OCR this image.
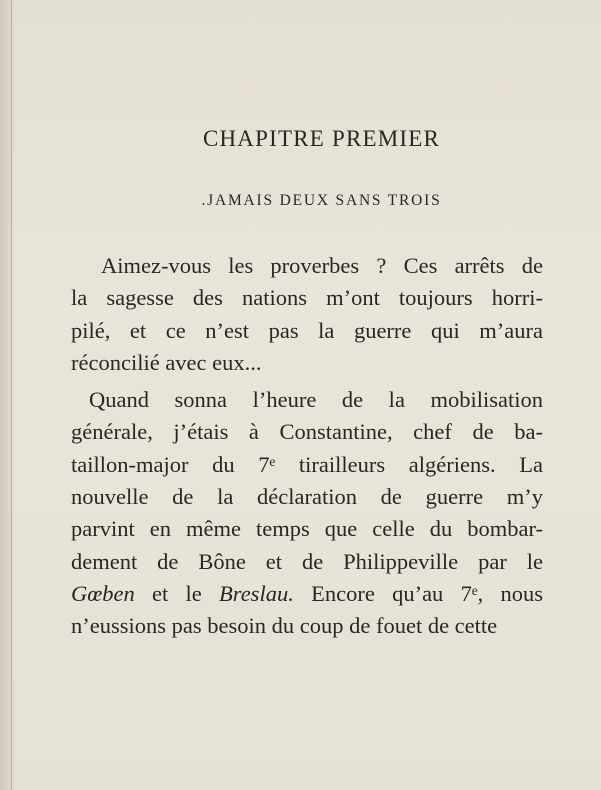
CHAPITRE PREMIER
.JAMAIS DEUX SANS TROIS
Aimez-vous les proverbes ? Ces arrêts de
la sagesse des nations m’ont toujours horri-
pilé, et ce n’est pas la guerre qui m’aura
réconcilié avec eux...
Quand sonna l’heure de la mobilisation
générale, j’étais à Constantine, chef de ba-
taillon-major du 7ᵉ tirailleurs algériens. La
nouvelle de la déclaration de guerre m’y
parvint en même temps que celle du bombar-
dement de Bône et de Philippeville par le
Gœben et le Breslau. Encore qu’au 7ᵉ, nous
n’eussions pas besoin du coup de fouet de cette
